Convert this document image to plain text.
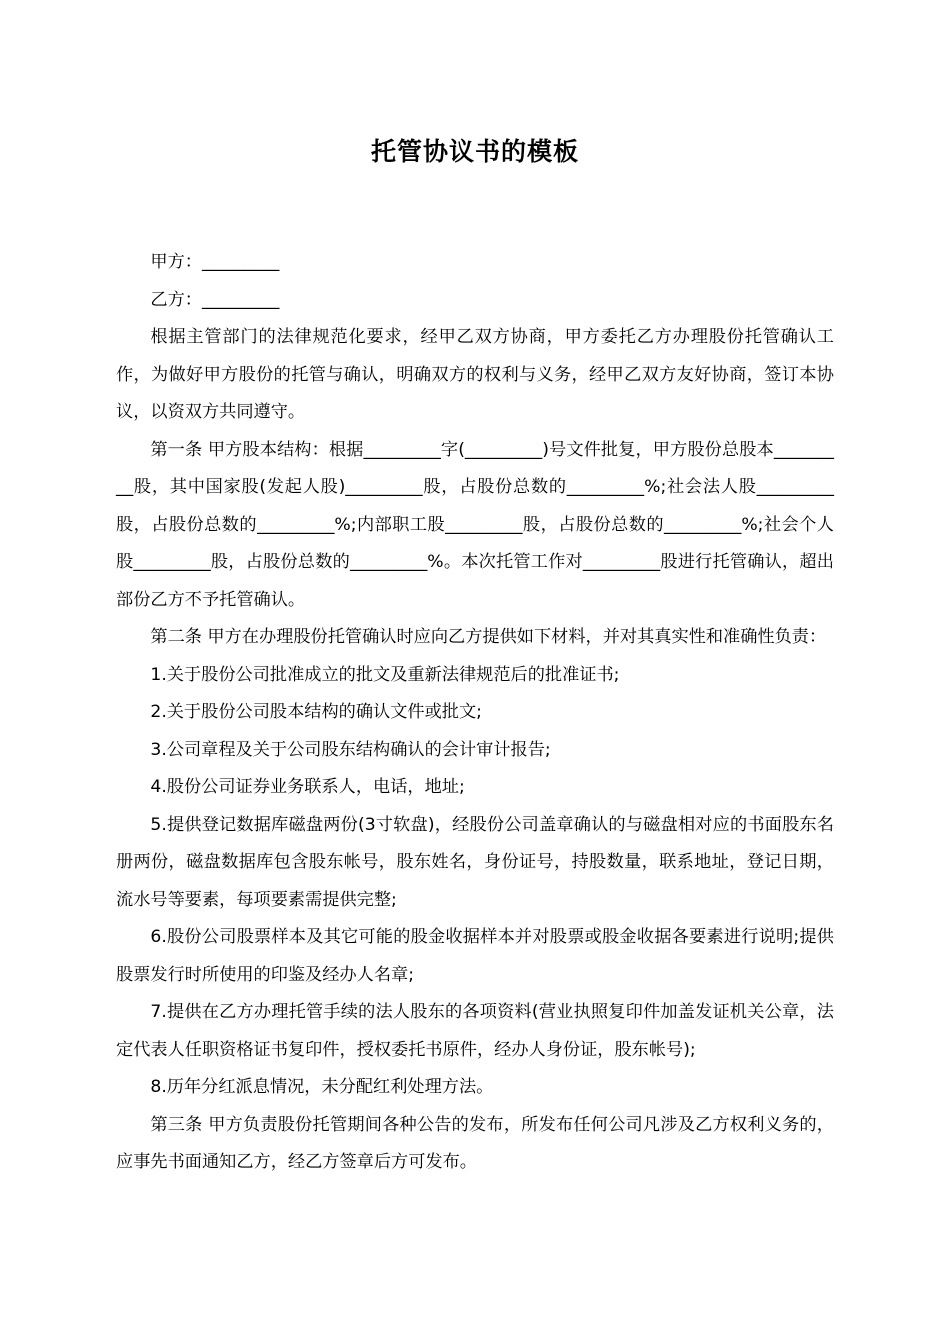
托管协议书的模板

甲方：_________

乙方：_________

根据主管部门的法律规范化要求，经甲乙双方协商，甲方委托乙方办理股份托管确认工作，为做好甲方股份的托管与确认，明确双方的权利与义务，经甲乙双方友好协商，签订本协议，以资双方共同遵守。

第一条 甲方股本结构：根据_________字(_________)号文件批复，甲方股份总股本_________股，其中国家股(发起人股)_________股，占股份总数的_________%;社会法人股_________股，占股份总数的_________%;内部职工股_________股，占股份总数的_________%;社会个人股_________股，占股份总数的_________%。本次托管工作对_________股进行托管确认，超出部份乙方不予托管确认。

第二条 甲方在办理股份托管确认时应向乙方提供如下材料，并对其真实性和准确性负责：

1.关于股份公司批准成立的批文及重新法律规范后的批准证书;

2.关于股份公司股本结构的确认文件或批文;

3.公司章程及关于公司股东结构确认的会计审计报告;

4.股份公司证券业务联系人，电话，地址;

5.提供登记数据库磁盘两份(3寸软盘)，经股份公司盖章确认的与磁盘相对应的书面股东名册两份，磁盘数据库包含股东帐号，股东姓名，身份证号，持股数量，联系地址，登记日期，流水号等要素，每项要素需提供完整;

6.股份公司股票样本及其它可能的股金收据样本并对股票或股金收据各要素进行说明;提供股票发行时所使用的印鉴及经办人名章;

7.提供在乙方办理托管手续的法人股东的各项资料(营业执照复印件加盖发证机关公章，法定代表人任职资格证书复印件，授权委托书原件，经办人身份证，股东帐号);

8.历年分红派息情况，未分配红利处理方法。

第三条 甲方负责股份托管期间各种公告的发布，所发布任何公司凡涉及乙方权利义务的，应事先书面通知乙方，经乙方签章后方可发布。
